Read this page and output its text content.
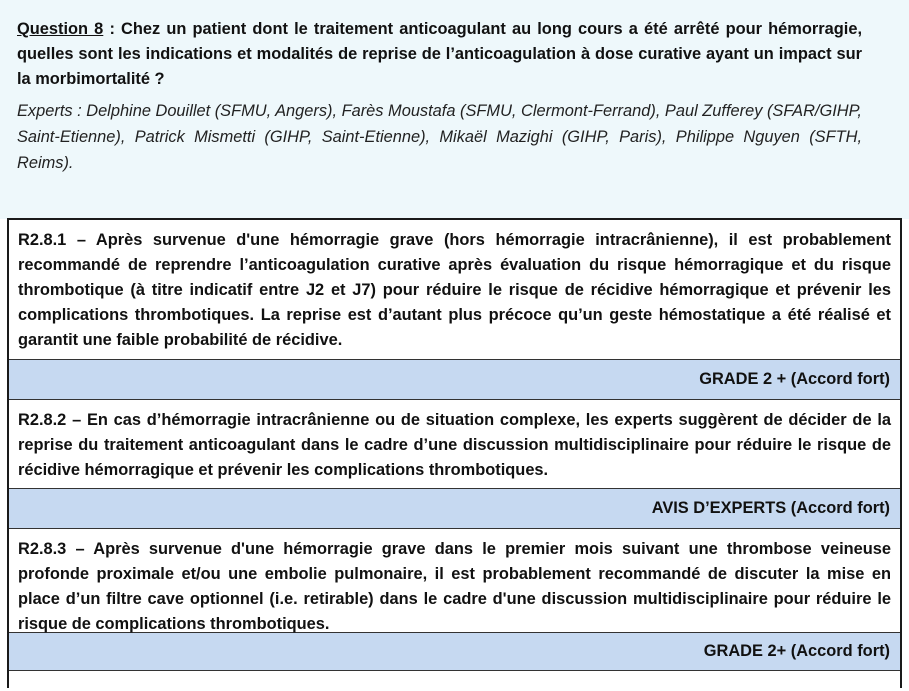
Question 8 : Chez un patient dont le traitement anticoagulant au long cours a été arrêté pour hémorragie, quelles sont les indications et modalités de reprise de l’anticoagulation à dose curative ayant un impact sur la morbimortalité ?
Experts : Delphine Douillet (SFMU, Angers), Farès Moustafa (SFMU, Clermont-Ferrand), Paul Zufferey (SFAR/GIHP, Saint-Etienne), Patrick Mismetti (GIHP, Saint-Etienne), Mikaël Mazighi (GIHP, Paris), Philippe Nguyen (SFTH, Reims).
R2.8.1 – Après survenue d'une hémorragie grave (hors hémorragie intracrânienne), il est probablement recommandé de reprendre l’anticoagulation curative après évaluation du risque hémorragique et du risque thrombotique (à titre indicatif entre J2 et J7) pour réduire le risque de récidive hémorragique et prévenir les complications thrombotiques. La reprise est d’autant plus précoce qu’un geste hémostatique a été réalisé et garantit une faible probabilité de récidive.
GRADE 2 + (Accord fort)
R2.8.2 – En cas d’hémorragie intracrânienne ou de situation complexe, les experts suggèrent de décider de la reprise du traitement anticoagulant dans le cadre d’une discussion multidisciplinaire pour réduire le risque de récidive hémorragique et prévenir les complications thrombotiques.
AVIS D’EXPERTS (Accord fort)
R2.8.3 – Après survenue d'une hémorragie grave dans le premier mois suivant une thrombose veineuse profonde proximale et/ou une embolie pulmonaire, il est probablement recommandé de discuter la mise en place d’un filtre cave optionnel (i.e. retirable) dans le cadre d'une discussion multidisciplinaire pour réduire le risque de complications thrombotiques.
GRADE 2+ (Accord fort)
